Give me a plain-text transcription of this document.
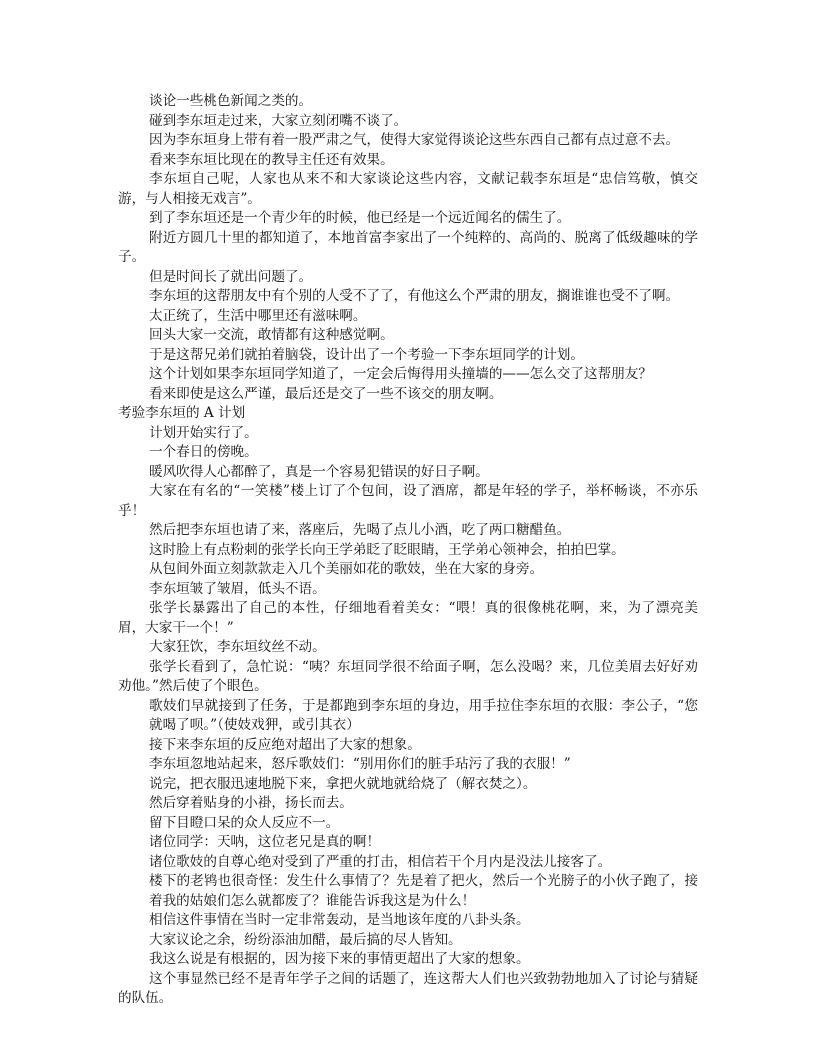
谈论一些桃色新闻之类的。

碰到李东垣走过来，大家立刻闭嘴不谈了。

因为李东垣身上带有着一股严肃之气，使得大家觉得谈论这些东西自己都有点过意不去。

看来李东垣比现在的教导主任还有效果。

李东垣自己呢，人家也从来不和大家谈论这些内容，文献记载李东垣是“忠信笃敬，慎交游，与人相接无戏言”。

到了李东垣还是一个青少年的时候，他已经是一个远近闻名的儒生了。

附近方圆几十里的都知道了，本地首富李家出了一个纯粹的、高尚的、脱离了低级趣味的学子。

但是时间长了就出问题了。

李东垣的这帮朋友中有个别的人受不了了，有他这么个严肃的朋友，搁谁谁也受不了啊。

太正统了，生活中哪里还有滋味啊。

回头大家一交流，敢情都有这种感觉啊。

于是这帮兄弟们就拍着脑袋，设计出了一个考验一下李东垣同学的计划。

这个计划如果李东垣同学知道了，一定会后悔得用头撞墙的——怎么交了这帮朋友？

看来即使是这么严谨，最后还是交了一些不该交的朋友啊。

考验李东垣的 A 计划

计划开始实行了。

一个春日的傍晚。

暖风吹得人心都醉了，真是一个容易犯错误的好日子啊。

大家在有名的“一笑楼”楼上订了个包间，设了酒席，都是年轻的学子，举杯畅谈，不亦乐乎！

然后把李东垣也请了来，落座后，先喝了点儿小酒，吃了两口糖醋鱼。

这时脸上有点粉刺的张学长向王学弟眨了眨眼睛，王学弟心领神会，拍拍巴掌。

从包间外面立刻款款走入几个美丽如花的歌妓，坐在大家的身旁。

李东垣皱了皱眉，低头不语。

张学长暴露出了自己的本性，仔细地看着美女：“喂！真的很像桃花啊，来，为了漂亮美眉，大家干一个！”

大家狂饮，李东垣纹丝不动。

张学长看到了，急忙说：“咦？东垣同学很不给面子啊，怎么没喝？来，几位美眉去好好劝劝他。”然后使了个眼色。

歌妓们早就接到了任务，于是都跑到李东垣的身边，用手拉住李东垣的衣服：李公子，“您就喝了呗。”（使妓戏狎，或引其衣）

接下来李东垣的反应绝对超出了大家的想象。

李东垣忽地站起来，怒斥歌妓们：“别用你们的脏手玷污了我的衣服！”

说完，把衣服迅速地脱下来，拿把火就地就给烧了（解衣焚之）。

然后穿着贴身的小褂，扬长而去。

留下目瞪口呆的众人反应不一。

诸位同学：天呐，这位老兄是真的啊！

诸位歌妓的自尊心绝对受到了严重的打击，相信若干个月内是没法儿接客了。

楼下的老鸨也很奇怪：发生什么事情了？先是着了把火，然后一个光膀子的小伙子跑了，接着我的姑娘们怎么就都废了？谁能告诉我这是为什么！

相信这件事情在当时一定非常轰动，是当地该年度的八卦头条。

大家议论之余，纷纷添油加醋，最后搞的尽人皆知。

我这么说是有根据的，因为接下来的事情更超出了大家的想象。

这个事显然已经不是青年学子之间的话题了，连这帮大人们也兴致勃勃地加入了讨论与猜疑的队伍。
